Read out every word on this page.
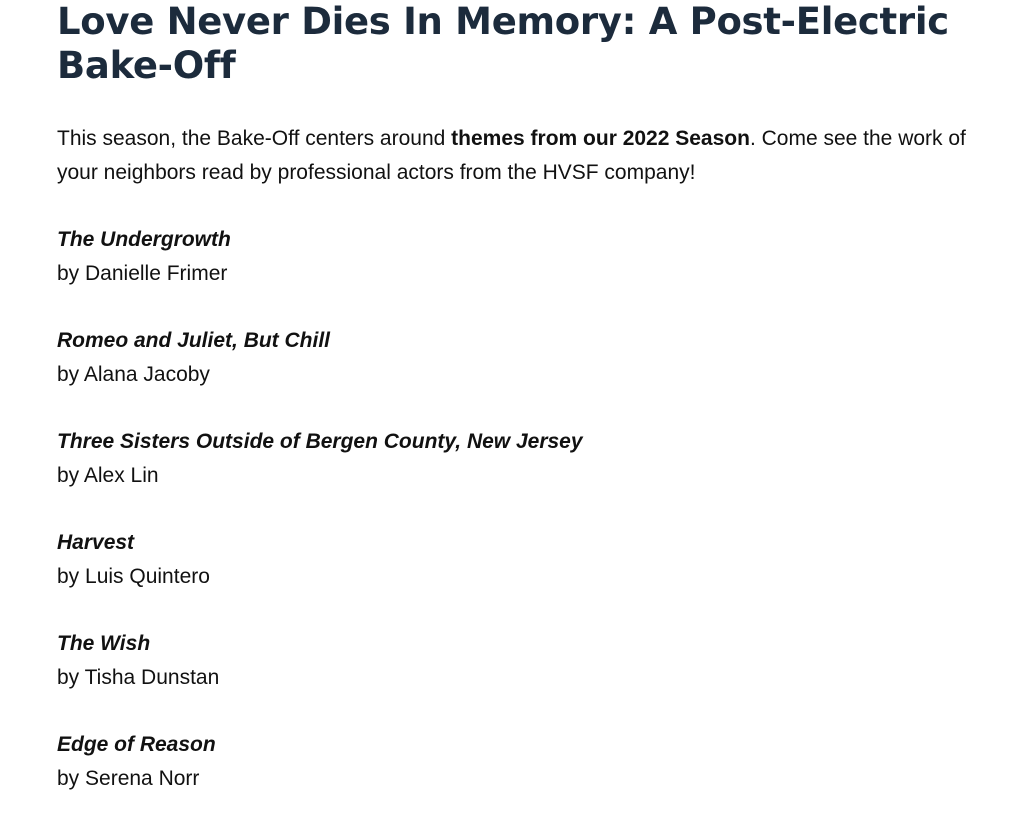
Love Never Dies In Memory: A Post-Electric Bake-Off

This season, the Bake-Off centers around themes from our 2022 Season. Come see the work of
your neighbors read by professional actors from the HVSF company!

The Undergrowth
by Danielle Frimer

Romeo and Juliet, But Chill
by Alana Jacoby

Three Sisters Outside of Bergen County, New Jersey
by Alex Lin

Harvest
by Luis Quintero

The Wish
by Tisha Dunstan

Edge of Reason
by Serena Norr
